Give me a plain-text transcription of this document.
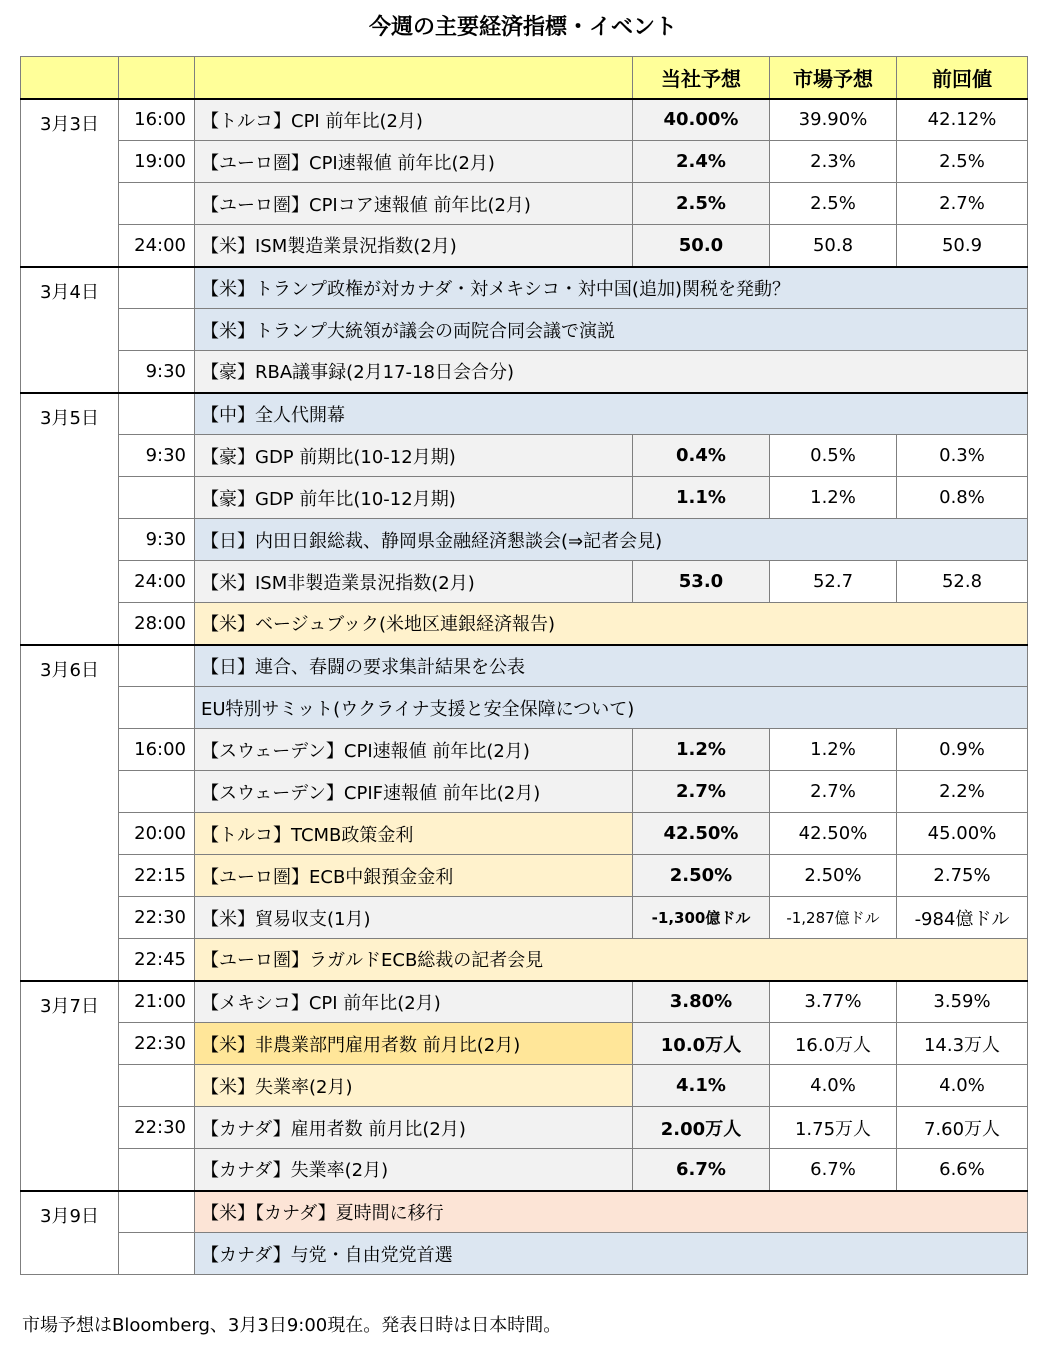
今週の主要経済指標・イベント
			当社予想	市場予想	前回値
3月3日	16:00	【トルコ】CPI 前年比(2月)	40.00%	39.90%	42.12%
	19:00	【ユーロ圏】CPI速報値 前年比(2月)	2.4%	2.3%	2.5%
		【ユーロ圏】CPIコア速報値 前年比(2月)	2.5%	2.5%	2.7%
	24:00	【米】ISM製造業景況指数(2月)	50.0	50.8	50.9
3月4日		【米】トランプ政権が対カナダ・対メキシコ・対中国(追加)関税を発動？			
		【米】トランプ大統領が議会の両院合同会議で演説			
	9:30	【豪】RBA議事録(2月17-18日会合分)			
3月5日		【中】全人代開幕			
	9:30	【豪】GDP 前期比(10-12月期)	0.4%	0.5%	0.3%
		【豪】GDP 前年比(10-12月期)	1.1%	1.2%	0.8%
	9:30	【日】内田日銀総裁、静岡県金融経済懇談会(⇒記者会見)			
	24:00	【米】ISM非製造業景況指数(2月)	53.0	52.7	52.8
	28:00	【米】ベージュブック(米地区連銀経済報告)			
3月6日		【日】連合、春闘の要求集計結果を公表			
		EU特別サミット(ウクライナ支援と安全保障について)			
	16:00	【スウェーデン】CPI速報値 前年比(2月)	1.2%	1.2%	0.9%
		【スウェーデン】CPIF速報値 前年比(2月)	2.7%	2.7%	2.2%
	20:00	【トルコ】TCMB政策金利	42.50%	42.50%	45.00%
	22:15	【ユーロ圏】ECB中銀預金金利	2.50%	2.50%	2.75%
	22:30	【米】貿易収支(1月)	-1,300億ドル	-1,287億ドル	-984億ドル
	22:45	【ユーロ圏】ラガルドECB総裁の記者会見			
3月7日	21:00	【メキシコ】CPI 前年比(2月)	3.80%	3.77%	3.59%
	22:30	【米】非農業部門雇用者数 前月比(2月)	10.0万人	16.0万人	14.3万人
		【米】失業率(2月)	4.1%	4.0%	4.0%
	22:30	【カナダ】雇用者数 前月比(2月)	2.00万人	1.75万人	7.60万人
		【カナダ】失業率(2月)	6.7%	6.7%	6.6%
3月9日		【米】【カナダ】夏時間に移行			
		【カナダ】与党・自由党党首選			
市場予想はBloomberg、3月3日9:00現在。発表日時は日本時間。
